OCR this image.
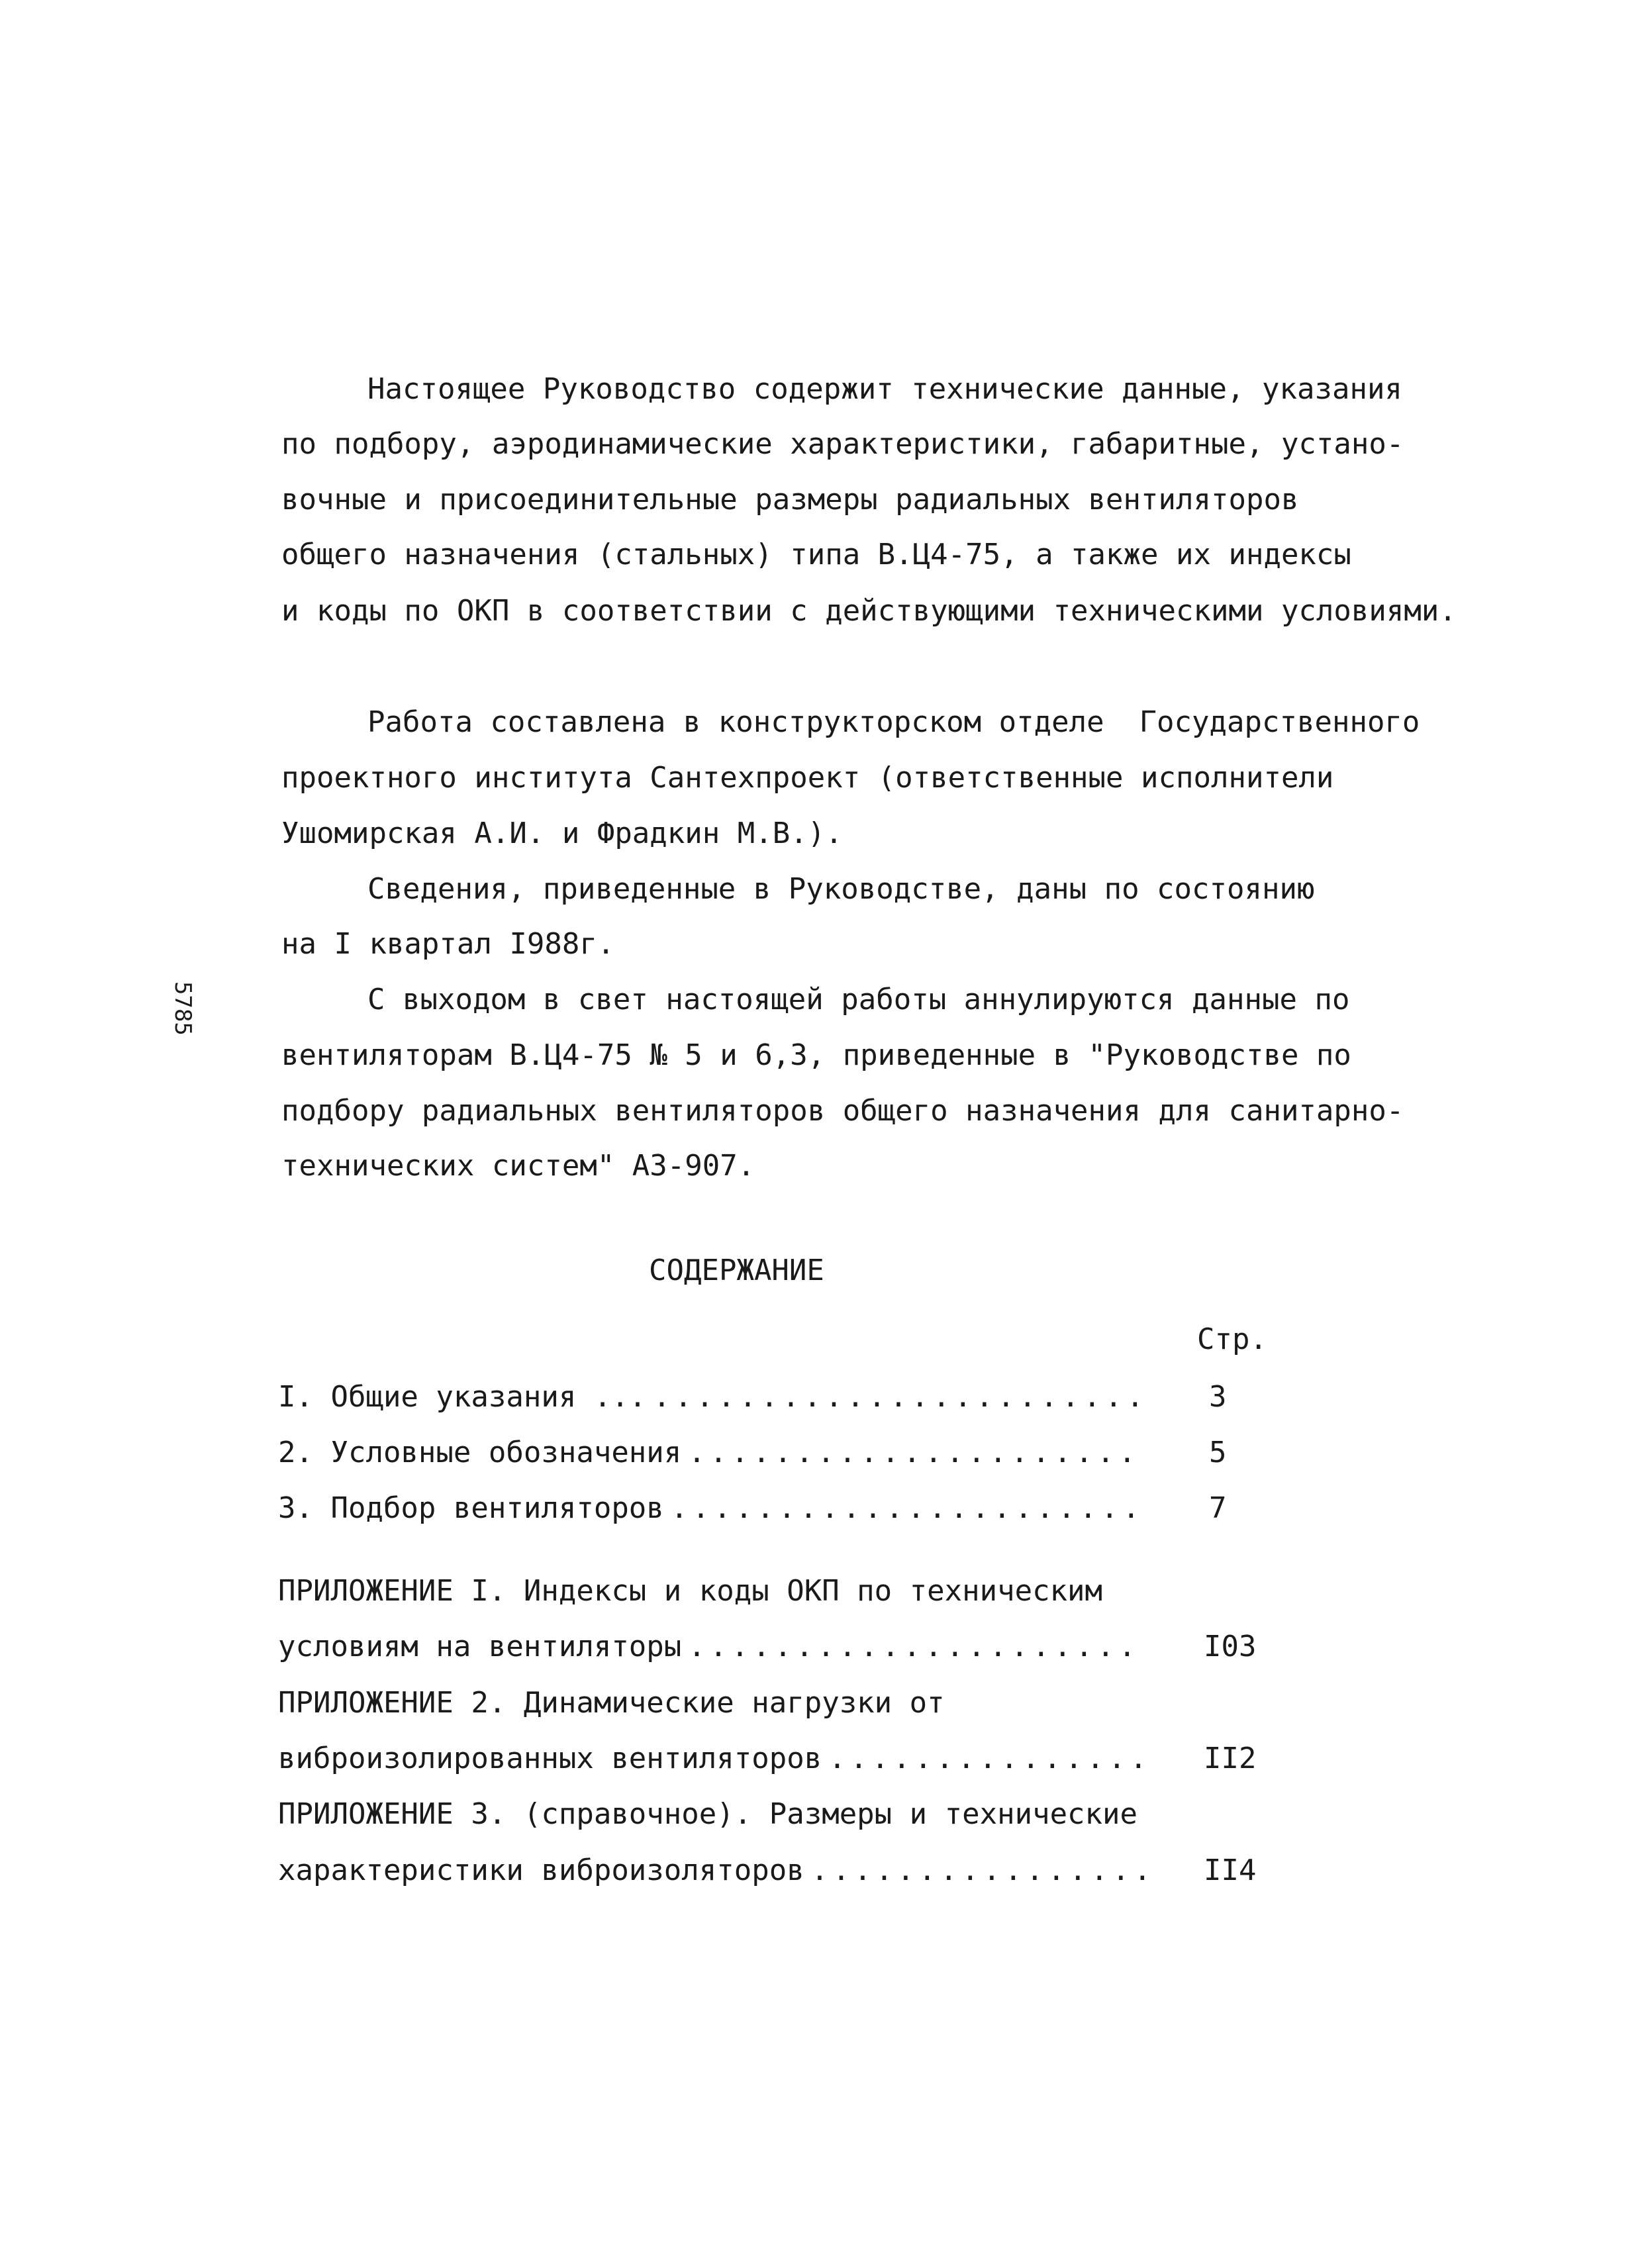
Настоящее Руководство содержит технические данные, указания
по подбору, аэродинамические характеристики, габаритные, устано-
вочные и присоединительные размеры радиальных вентиляторов
общего назначения (стальных) типа В.Ц4-75, а также их индексы
и коды по ОКП в соответствии с действующими техническими условиями.
Работа составлена в конструкторском отделе  Государственного
проектного института Сантехпроект (ответственные исполнители
Ушомирская А.И. и Фрадкин М.В.).
Сведения, приведенные в Руководстве, даны по состоянию
на I квартал I988г.
5785	С выходом в свет настоящей работы аннулируются данные по
вентиляторам В.Ц4-75 № 5 и 6,3, приведенные в "Руководстве по
подбору радиальных вентиляторов общего назначения для санитарно-
технических систем" А3-907.
СОДЕРЖАНИЕ
Стр.
I. Общие указания ... .....	3
2. Условные обозначения .....	5
3. Подбор вентиляторов .....	7
ПРИЛОЖЕНИЕ I. Индексы и коды ОКП по техническим
условиям на вентиляторы .....	I03
ПРИЛОЖЕНИЕ 2. Динамические нагрузки от
виброизолированных вентиляторов .....	II2
ПРИЛОЖЕНИЕ 3. (справочное). Размеры и технические
характеристики виброизоляторов .....	II4
